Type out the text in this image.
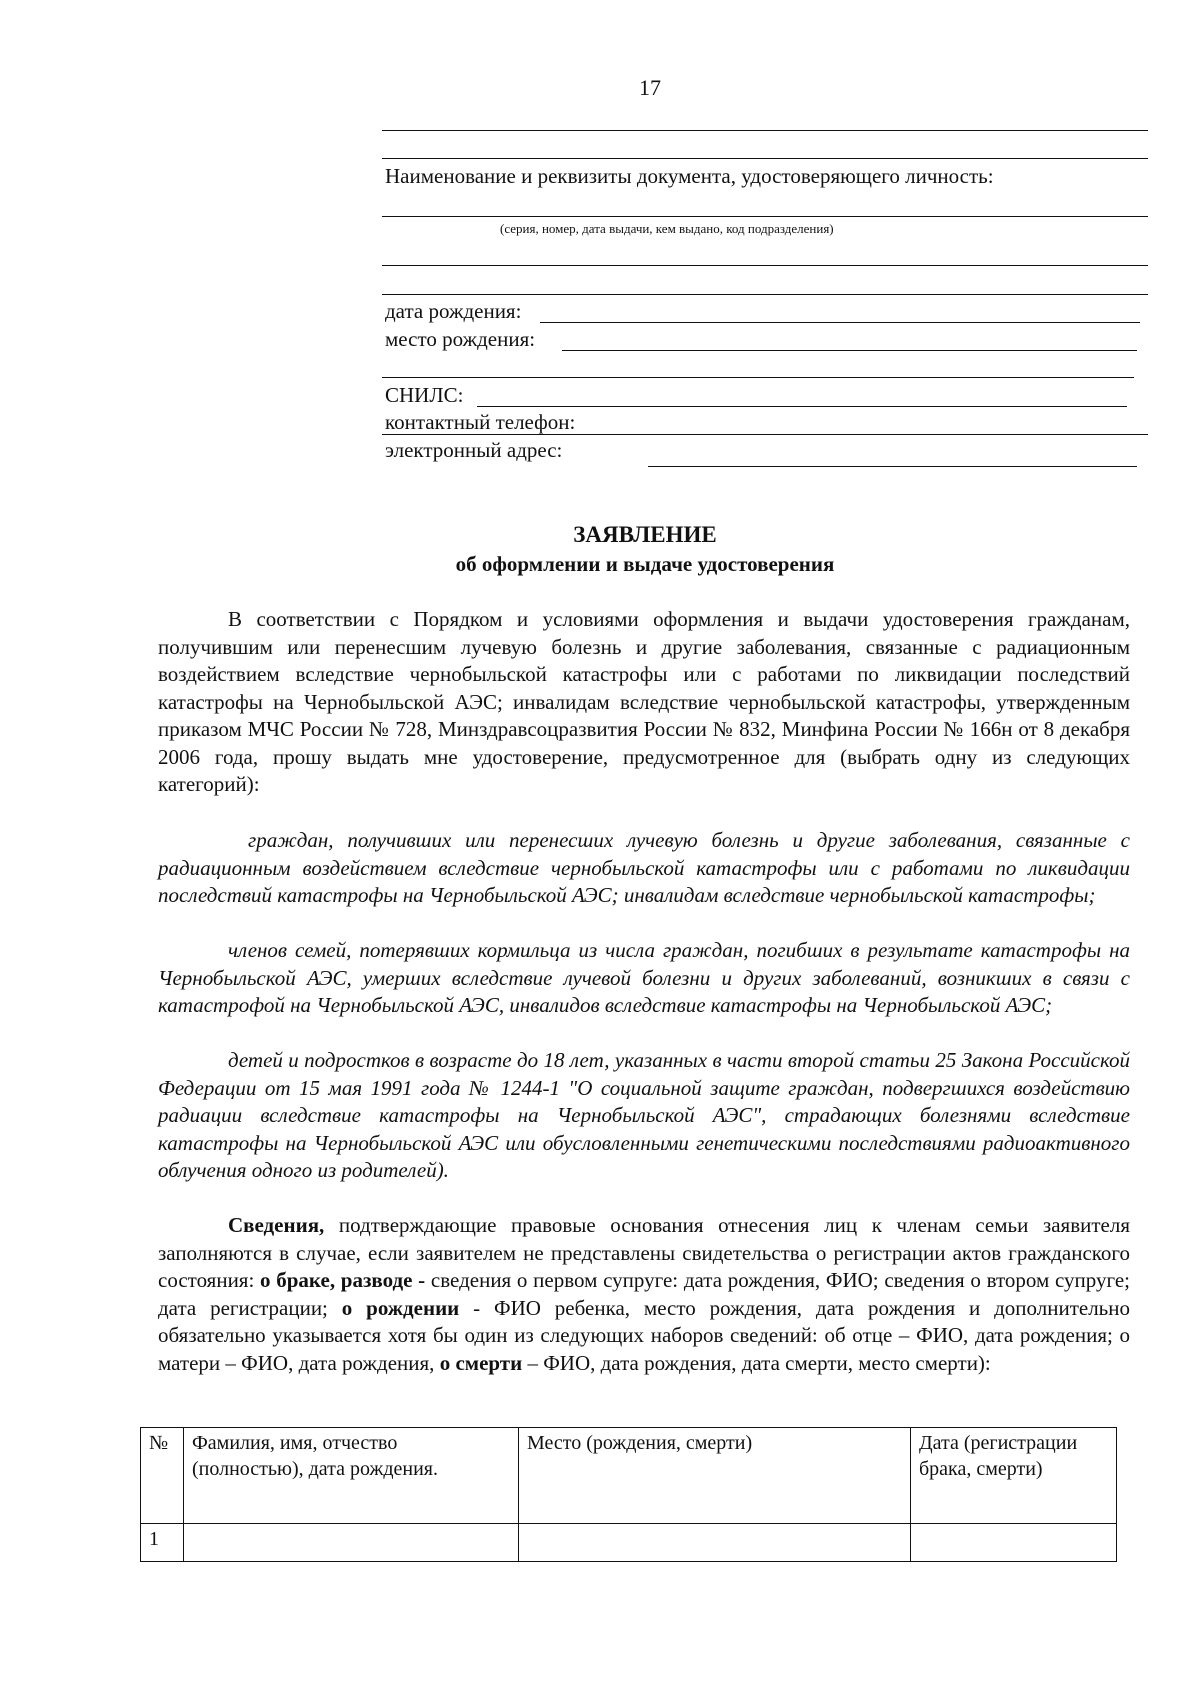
17
Наименование и реквизиты документа, удостоверяющего личность:
(серия, номер, дата выдачи, кем выдано, код подразделения)
дата рождения:
место рождения:
СНИЛС:
контактный телефон:
электронный адрес:
ЗАЯВЛЕНИЕ
об оформлении и выдаче удостоверения
В соответствии с Порядком и условиями оформления и выдачи удостоверения гражданам, получившим или перенесшим лучевую болезнь и другие заболевания, связанные с радиационным воздействием вследствие чернобыльской катастрофы или с работами по ликвидации последствий катастрофы на Чернобыльской АЭС; инвалидам вследствие чернобыльской катастрофы, утвержденным приказом МЧС России № 728, Минздравсоцразвития России № 832, Минфина России № 166н от 8 декабря 2006 года, прошу выдать мне удостоверение, предусмотренное для (выбрать одну из следующих категорий):
граждан, получивших или перенесших лучевую болезнь и другие заболевания, связанные с радиационным воздействием вследствие чернобыльской катастрофы или с работами по ликвидации последствий катастрофы на Чернобыльской АЭС; инвалидам вследствие чернобыльской катастрофы;
членов семей, потерявших кормильца из числа граждан, погибших в результате катастрофы на Чернобыльской АЭС, умерших вследствие лучевой болезни и других заболеваний, возникших в связи с катастрофой на Чернобыльской АЭС, инвалидов вследствие катастрофы на Чернобыльской АЭС;
детей и подростков в возрасте до 18 лет, указанных в части второй статьи 25 Закона Российской Федерации от 15 мая 1991 года № 1244-1 "О социальной защите граждан, подвергшихся воздействию радиации вследствие катастрофы на Чернобыльской АЭС", страдающих болезнями вследствие катастрофы на Чернобыльской АЭС или обусловленными генетическими последствиями радиоактивного облучения одного из родителей).
Сведения, подтверждающие правовые основания отнесения лиц к членам семьи заявителя заполняются в случае, если заявителем не представлены свидетельства о регистрации актов гражданского состояния: о браке, разводе - сведения о первом супруге: дата рождения, ФИО; сведения о втором супруге; дата регистрации; о рождении - ФИО ребенка, место рождения, дата рождения и дополнительно обязательно указывается хотя бы один из следующих наборов сведений: об отце – ФИО, дата рождения; о матери – ФИО, дата рождения, о смерти – ФИО, дата рождения, дата смерти, место смерти):
№	Фамилия, имя, отчество (полностью), дата рождения.	Место (рождения, смерти)	Дата (регистрации брака, смерти)
1			
